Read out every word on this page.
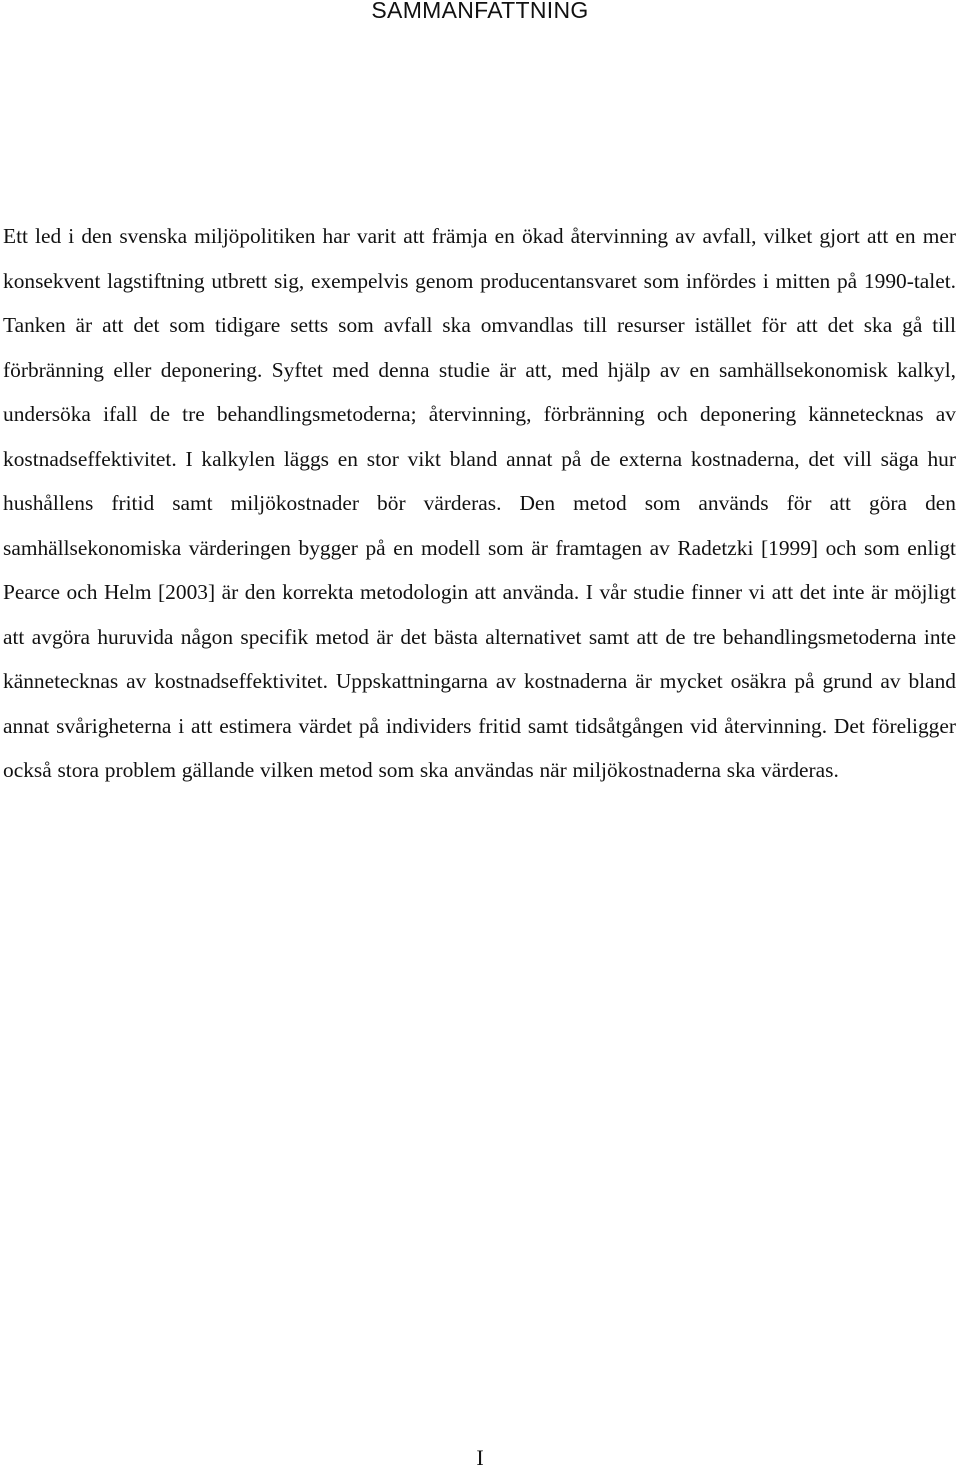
SAMMANFATTNING

Ett led i den svenska miljöpolitiken har varit att främja en ökad återvinning av avfall, vilket gjort att en mer konsekvent lagstiftning utbrett sig, exempelvis genom producentansvaret som infördes i mitten på 1990-talet. Tanken är att det som tidigare setts som avfall ska omvandlas till resurser istället för att det ska gå till förbränning eller deponering. Syftet med denna studie är att, med hjälp av en samhällsekonomisk kalkyl, undersöka ifall de tre behandlingsmetoderna; återvinning, förbränning och deponering kännetecknas av kostnadseffektivitet. I kalkylen läggs en stor vikt bland annat på de externa kostnaderna, det vill säga hur hushållens fritid samt miljökostnader bör värderas. Den metod som används för att göra den samhällsekonomiska värderingen bygger på en modell som är framtagen av Radetzki [1999] och som enligt Pearce och Helm [2003] är den korrekta metodologin att använda. I vår studie finner vi att det inte är möjligt att avgöra huruvida någon specifik metod är det bästa alternativet samt att de tre behandlingsmetoderna inte kännetecknas av kostnadseffektivitet. Uppskattningarna av kostnaderna är mycket osäkra på grund av bland annat svårigheterna i att estimera värdet på individers fritid samt tidsåtgången vid återvinning. Det föreligger också stora problem gällande vilken metod som ska användas när miljökostnaderna ska värderas.

I
